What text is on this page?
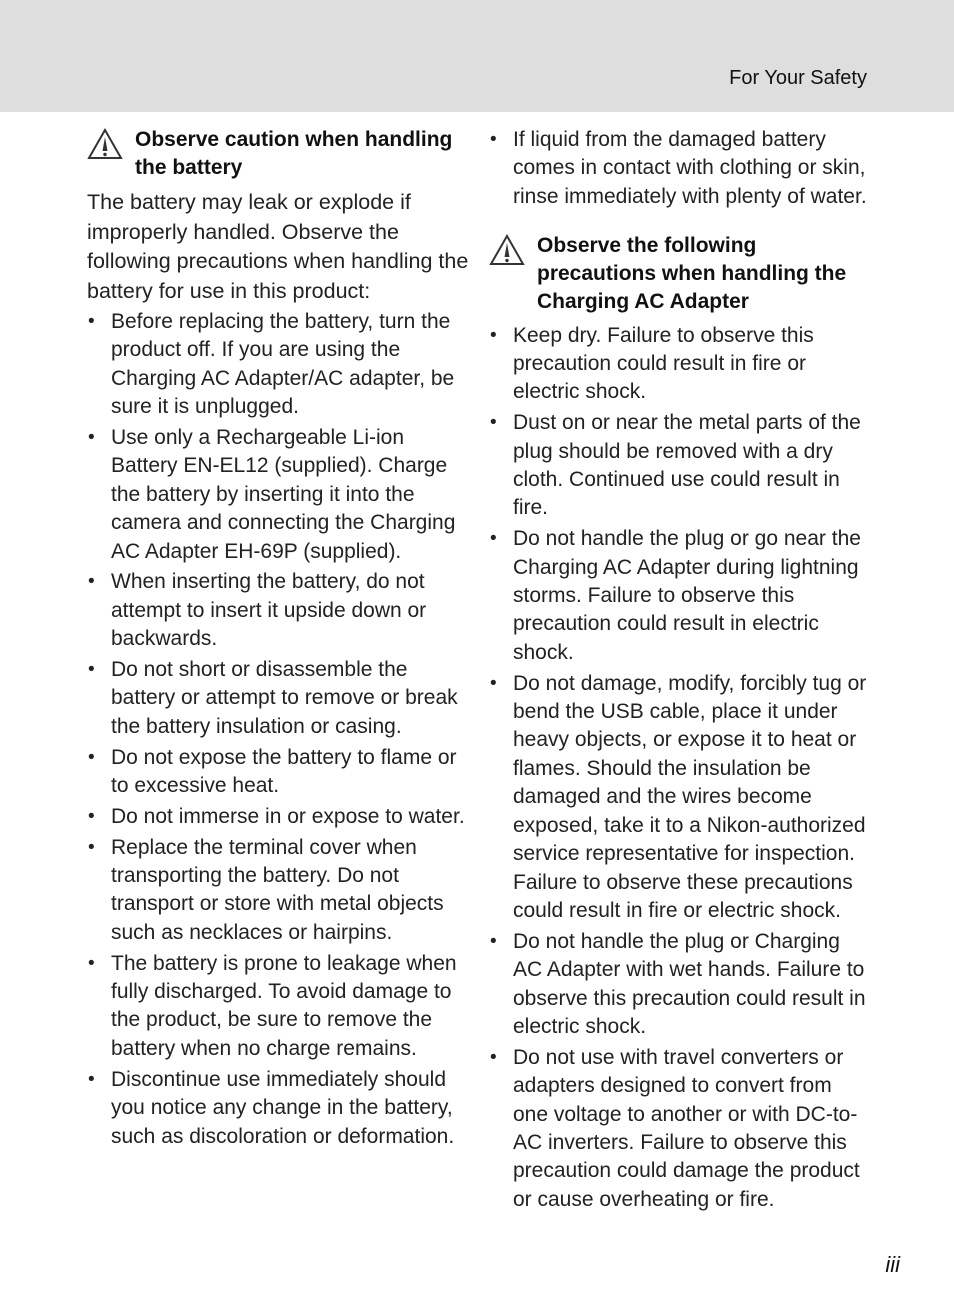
For Your Safety
Observe caution when handling the battery

The battery may leak or explode if improperly handled. Observe the following precautions when handling the battery for use in this product:

• Before replacing the battery, turn the product off. If you are using the Charging AC Adapter/AC adapter, be sure it is unplugged.
• Use only a Rechargeable Li-ion Battery EN-EL12 (supplied). Charge the battery by inserting it into the camera and connecting the Charging AC Adapter EH-69P (supplied).
• When inserting the battery, do not attempt to insert it upside down or backwards.
• Do not short or disassemble the battery or attempt to remove or break the battery insulation or casing.
• Do not expose the battery to flame or to excessive heat.
• Do not immerse in or expose to water.
• Replace the terminal cover when transporting the battery. Do not transport or store with metal objects such as necklaces or hairpins.
• The battery is prone to leakage when fully discharged. To avoid damage to the product, be sure to remove the battery when no charge remains.
• Discontinue use immediately should you notice any change in the battery, such as discoloration or deformation.
• If liquid from the damaged battery comes in contact with clothing or skin, rinse immediately with plenty of water.
Observe the following precautions when handling the Charging AC Adapter
• Keep dry. Failure to observe this precaution could result in fire or electric shock.
• Dust on or near the metal parts of the plug should be removed with a dry cloth. Continued use could result in fire.
• Do not handle the plug or go near the Charging AC Adapter during lightning storms. Failure to observe this precaution could result in electric shock.
• Do not damage, modify, forcibly tug or bend the USB cable, place it under heavy objects, or expose it to heat or flames. Should the insulation be damaged and the wires become exposed, take it to a Nikon-authorized service representative for inspection. Failure to observe these precautions could result in fire or electric shock.
• Do not handle the plug or Charging AC Adapter with wet hands. Failure to observe this precaution could result in electric shock.
• Do not use with travel converters or adapters designed to convert from one voltage to another or with DC-to-AC inverters. Failure to observe this precaution could damage the product or cause overheating or fire.
iii
